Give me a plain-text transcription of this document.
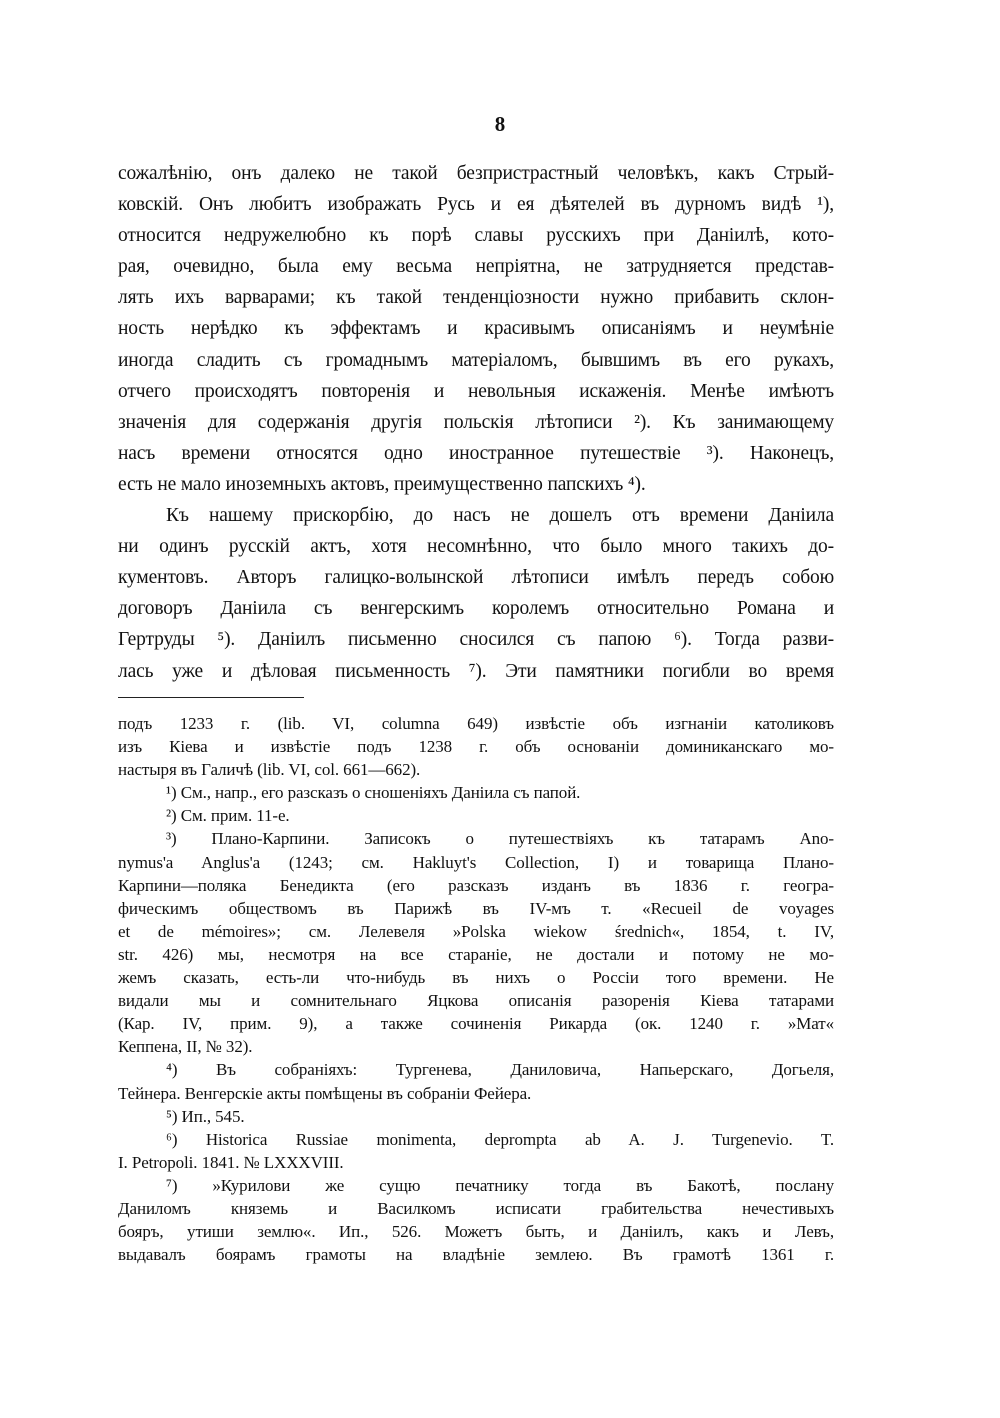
8
сожалѣнію, онъ далеко не такой безпристрастный человѣкъ, какъ Стрый-
ковскій. Онъ любитъ изображать Русь и ея дѣятелей въ дурномъ видѣ ¹),
относится недружелюбно къ порѣ славы русскихъ при Даніилѣ, кото-
рая, очевидно, была ему весьма непріятна, не затрудняется представ-
лять ихъ варварами; къ такой тенденціозности нужно прибавить склон-
ность нерѣдко къ эффектамъ и красивымъ описаніямъ и неумѣніе
иногда сладить съ громаднымъ матеріаломъ, бывшимъ въ его рукахъ,
отчего происходятъ повторенія и невольныя искаженія. Менѣе имѣютъ
значенія для содержанія другія польскія лѣтописи ²). Къ занимающему
насъ времени относятся одно иностранное путешествіе ³). Наконецъ,
есть не мало иноземныхъ актовъ, преимущественно папскихъ ⁴).
Къ нашему прискорбію, до насъ не дошелъ отъ времени Даніила
ни одинъ русскій актъ, хотя несомнѣнно, что было много такихъ до-
кументовъ. Авторъ галицко-волынской лѣтописи имѣлъ передъ собою
договоръ Даніила съ венгерскимъ королемъ относительно Романа и
Гертруды ⁵). Даніилъ письменно сносился съ папою ⁶). Тогда разви-
лась уже и дѣловая письменность ⁷). Эти памятники погибли во время
подъ 1233 г. (lib. VI, columna 649) извѣстіе объ изгнаніи католиковъ
изъ Кіева и извѣстіе подъ 1238 г. объ основаніи доминиканскаго мо-
настыря въ Галичѣ (lib. VI, col. 661—662).
¹) См., напр., его разсказъ о сношеніяхъ Даніила съ папой.
²) См. прим. 11-е.
³) Плано-Карпини. Записокъ о путешествіяхъ къ татарамъ Ano-
nymus'a Anglus'a (1243; см. Hakluyt's Collection, I) и товарища Плано-
Карпини—поляка Бенедикта (его разсказъ изданъ въ 1836 г. геогра-
фическимъ обществомъ въ Парижѣ въ IV-мъ т. «Recueil de voyages
et de mémoires»; см. Лелевеля »Polska wiekow średnich«, 1854, t. IV,
str. 426) мы, несмотря на все стараніе, не достали и потому не мо-
жемъ сказать, есть-ли что-нибудь въ нихъ о Россіи того времени. Не
видали мы и сомнительнаго Яцкова описанія разоренія Кіева татарами
(Кар. IV, прим. 9), а также сочиненія Рикарда (ок. 1240 г. »Мат«
Кеппена, II, № 32).
⁴) Въ собраніяхъ: Тургенева, Даниловича, Напьерскаго, Догьеля,
Тейнера. Венгерскіе акты помѣщены въ собраніи Фейера.
⁵) Ип., 545.
⁶) Historica Russiae monimenta, deprompta ab A. J. Turgenevio. T.
I. Petropoli. 1841. № LXXXVIII.
⁷) »Курилови же сущю печатнику тогда въ Бакотѣ, послану
Даниломъ княземь и Василкомъ исписати грабительства нечестивыхъ
бояръ, утиши землю«. Ип., 526. Можетъ быть, и Даніилъ, какъ и Левъ,
выдавалъ боярамъ грамоты на владѣніе землею. Въ грамотѣ 1361 г.
